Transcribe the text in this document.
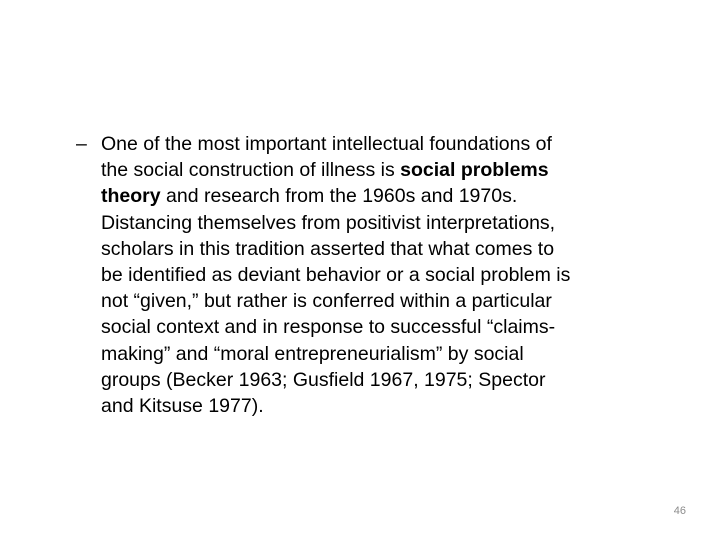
– One of the most important intellectual foundations of
the social construction of illness is social problems
theory and research from the 1960s and 1970s.
Distancing themselves from positivist interpretations,
scholars in this tradition asserted that what comes to
be identified as deviant behavior or a social problem is
not “given,” but rather is conferred within a particular
social context and in response to successful “claims-
making” and “moral entrepreneurialism” by social
groups (Becker 1963; Gusfield 1967, 1975; Spector
and Kitsuse 1977).
46
